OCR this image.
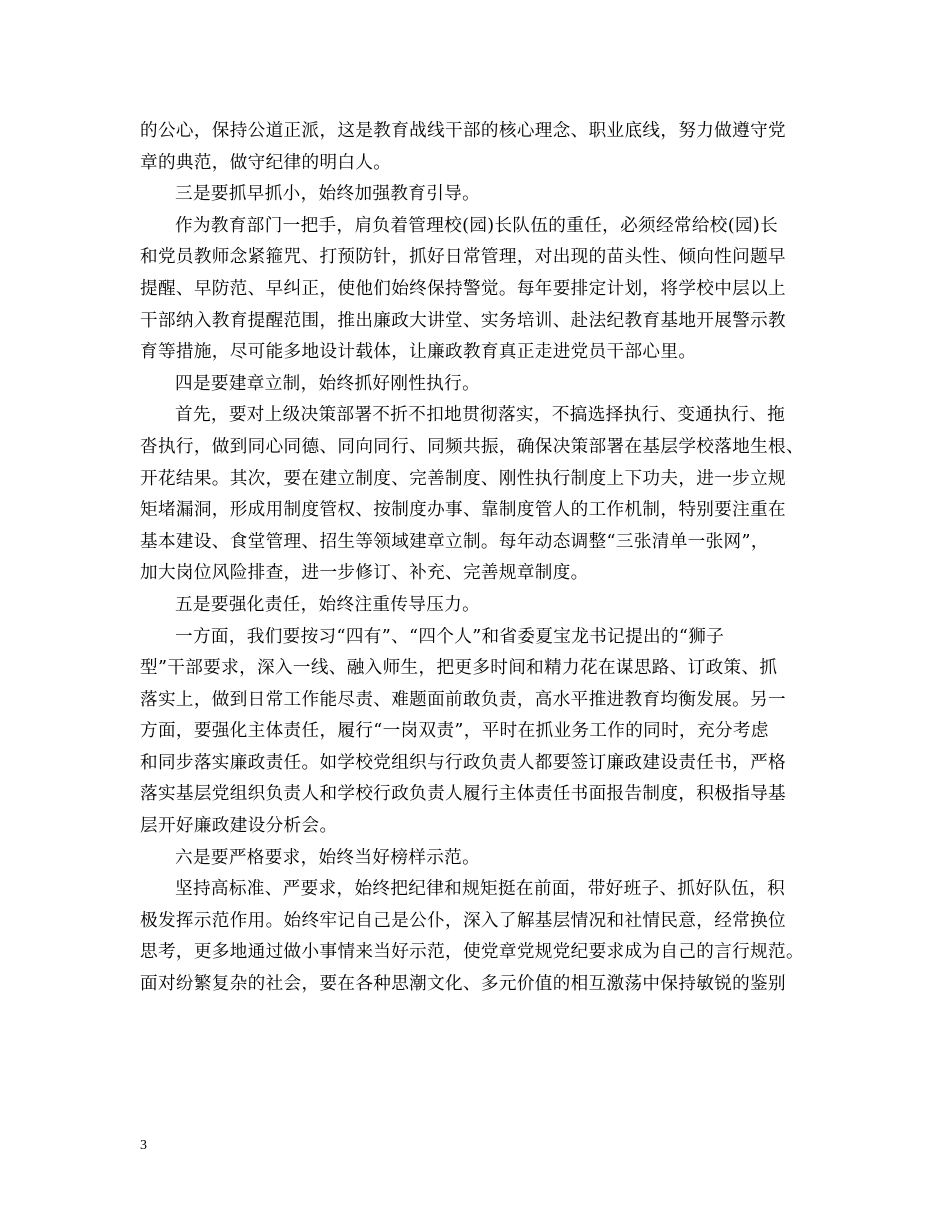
的公心，保持公道正派，这是教育战线干部的核心理念、职业底线，努力做遵守党
章的典范，做守纪律的明白人。
三是要抓早抓小，始终加强教育引导。
作为教育部门一把手，肩负着管理校(园)长队伍的重任，必须经常给校(园)长
和党员教师念紧箍咒、打预防针，抓好日常管理，对出现的苗头性、倾向性问题早
提醒、早防范、早纠正，使他们始终保持警觉。每年要排定计划，将学校中层以上
干部纳入教育提醒范围，推出廉政大讲堂、实务培训、赴法纪教育基地开展警示教
育等措施，尽可能多地设计载体，让廉政教育真正走进党员干部心里。
四是要建章立制，始终抓好刚性执行。
首先，要对上级决策部署不折不扣地贯彻落实，不搞选择执行、变通执行、拖
沓执行，做到同心同德、同向同行、同频共振，确保决策部署在基层学校落地生根、
开花结果。其次，要在建立制度、完善制度、刚性执行制度上下功夫，进一步立规
矩堵漏洞，形成用制度管权、按制度办事、靠制度管人的工作机制，特别要注重在
基本建设、食堂管理、招生等领域建章立制。每年动态调整“三张清单一张网”，
加大岗位风险排查，进一步修订、补充、完善规章制度。
五是要强化责任，始终注重传导压力。
一方面，我们要按习“四有”、“四个人”和省委夏宝龙书记提出的“狮子
型”干部要求，深入一线、融入师生，把更多时间和精力花在谋思路、订政策、抓
落实上，做到日常工作能尽责、难题面前敢负责，高水平推进教育均衡发展。另一
方面，要强化主体责任，履行“一岗双责”，平时在抓业务工作的同时，充分考虑
和同步落实廉政责任。如学校党组织与行政负责人都要签订廉政建设责任书，严格
落实基层党组织负责人和学校行政负责人履行主体责任书面报告制度，积极指导基
层开好廉政建设分析会。
六是要严格要求，始终当好榜样示范。
坚持高标准、严要求，始终把纪律和规矩挺在前面，带好班子、抓好队伍，积
极发挥示范作用。始终牢记自己是公仆，深入了解基层情况和社情民意，经常换位
思考，更多地通过做小事情来当好示范，使党章党规党纪要求成为自己的言行规范。
面对纷繁复杂的社会，要在各种思潮文化、多元价值的相互激荡中保持敏锐的鉴别
3
